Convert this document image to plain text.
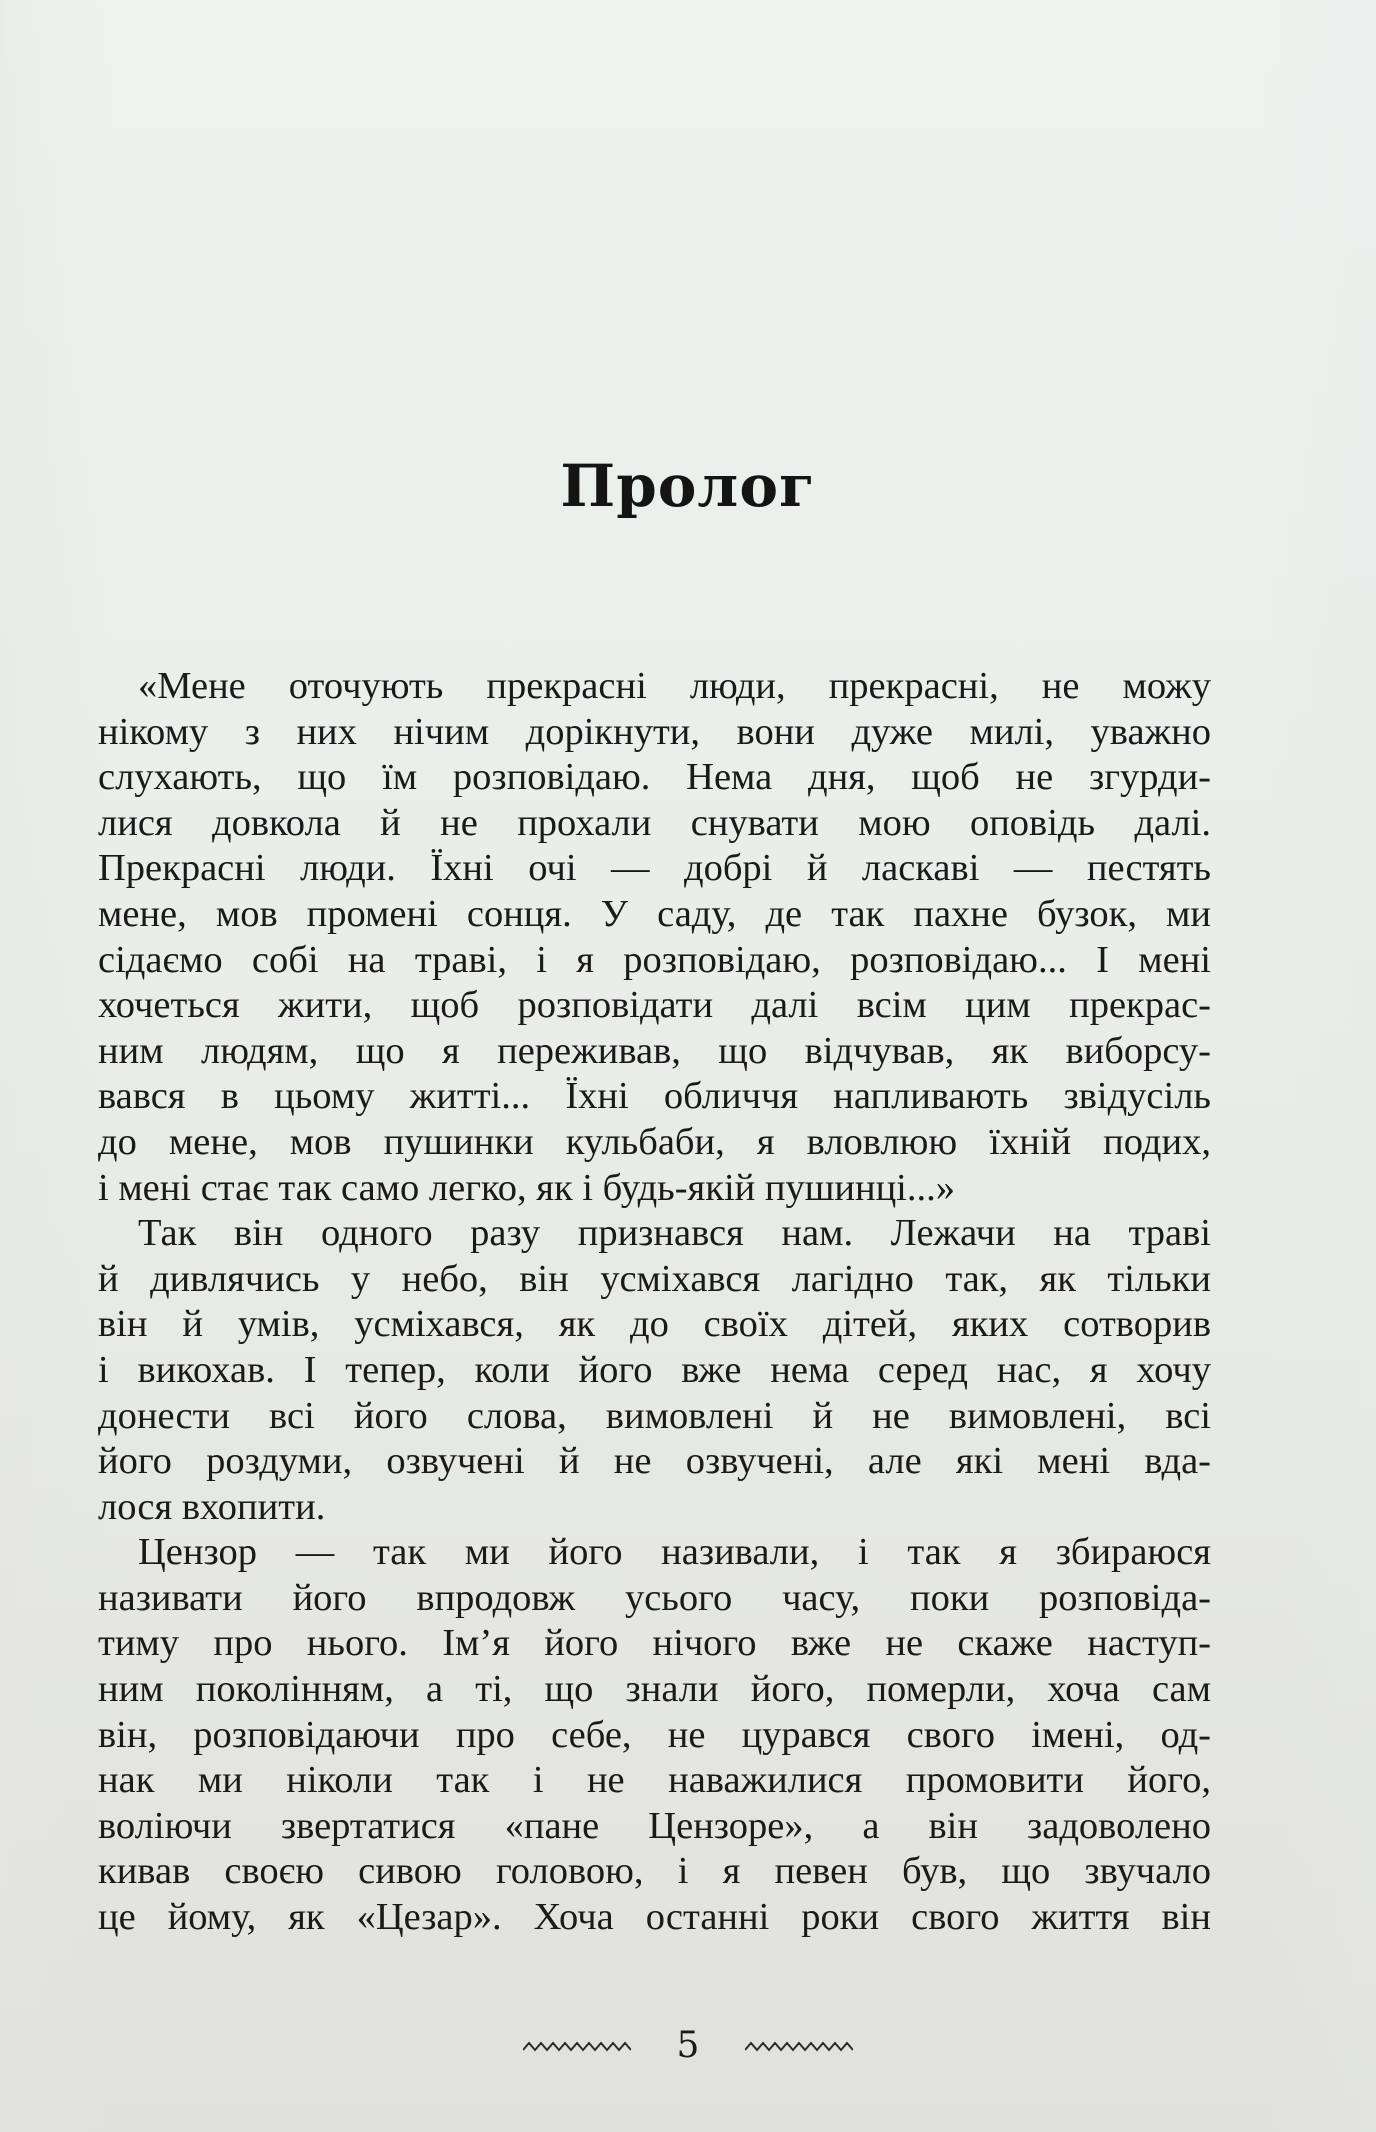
Пролог
«Мене оточують прекрасні люди, прекрасні, не можу
нікому з них нічим дорікнути, вони дуже милі, уважно
слухають, що їм розповідаю. Нема дня, щоб не згурди-
лися довкола й не прохали снувати мою оповідь далі.
Прекрасні люди. Їхні очі — добрі й ласкаві — пестять
мене, мов промені сонця. У саду, де так пахне бузок, ми
сідаємо собі на траві, і я розповідаю, розповідаю... І мені
хочеться жити, щоб розповідати далі всім цим прекрас-
ним людям, що я переживав, що відчував, як виборсу-
вався в цьому житті... Їхні обличчя напливають звідусіль
до мене, мов пушинки кульбаби, я вловлюю їхній подих,
і мені стає так само легко, як і будь-якій пушинці...»
Так він одного разу признався нам. Лежачи на траві
й дивлячись у небо, він усміхався лагідно так, як тільки
він й умів, усміхався, як до своїх дітей, яких сотворив
і викохав. І тепер, коли його вже нема серед нас, я хочу
донести всі його слова, вимовлені й не вимовлені, всі
його роздуми, озвучені й не озвучені, але які мені вда-
лося вхопити.
Цензор — так ми його називали, і так я збираюся
називати його впродовж усього часу, поки розповіда-
тиму про нього. Ім’я його нічого вже не скаже наступ-
ним поколінням, а ті, що знали його, померли, хоча сам
він, розповідаючи про себе, не цурався свого імені, од-
нак ми ніколи так і не наважилися промовити його,
воліючи звертатися «пане Цензоре», а він задоволено
кивав своєю сивою головою, і я певен був, що звучало
це йому, як «Цезар». Хоча останні роки свого життя він
5
